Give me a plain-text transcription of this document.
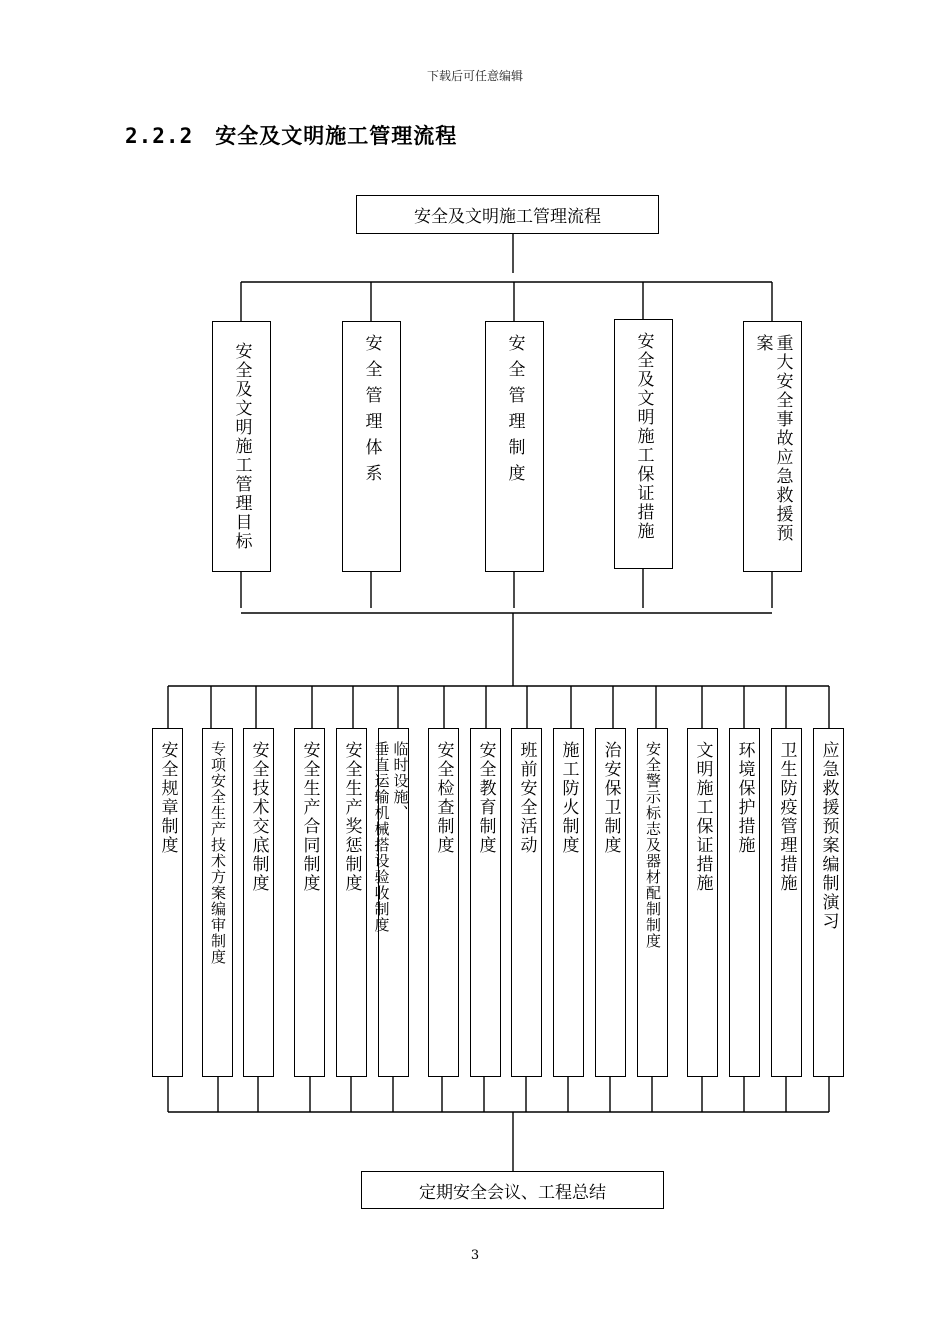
下载后可任意编辑
2.2.2 安全及文明施工管理流程
安全及文明施工管理流程
安全及文明施工管理目标	安全管理体系	安全管理制度	安全及文明施工保证措施	重大安全事故应急救援预
案
安全规章制度 专项安全生产技术方案编审制度 安全技术交底制度 安全生产合同制度 安全生产奖惩制度 垂直运输机械搭设验收制度 临时设施、 安全检查制度 安全教育制度 班前安全活动 施工防火制度 治安保卫制度 安全警示标志及器材配制制度 文明施工保证措施 环境保护措施 卫生防疫管理措施 应急救援预案编制演习
定期安全会议、工程总结
3
